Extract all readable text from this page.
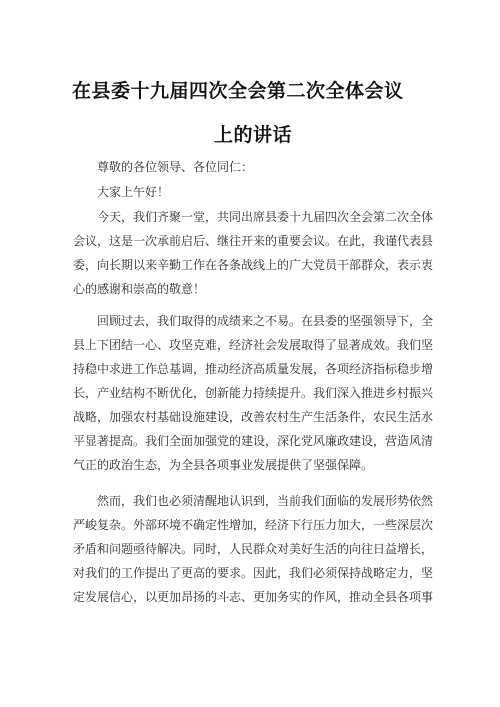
在县委十九届四次全会第二次全体会议
上的讲话

尊敬的各位领导、各位同仁：

大家上午好！

今天，我们齐聚一堂，共同出席县委十九届四次全会第二次全体会议，这是一次承前启后、继往开来的重要会议。在此，我谨代表县委，向长期以来辛勤工作在各条战线上的广大党员干部群众，表示衷心的感谢和崇高的敬意！

回顾过去，我们取得的成绩来之不易。在县委的坚强领导下，全县上下团结一心、攻坚克难，经济社会发展取得了显著成效。我们坚持稳中求进工作总基调，推动经济高质量发展，各项经济指标稳步增长，产业结构不断优化，创新能力持续提升。我们深入推进乡村振兴战略，加强农村基础设施建设，改善农村生产生活条件，农民生活水平显著提高。我们全面加强党的建设，深化党风廉政建设，营造风清气正的政治生态，为全县各项事业发展提供了坚强保障。

然而，我们也必须清醒地认识到，当前我们面临的发展形势依然严峻复杂。外部环境不确定性增加，经济下行压力加大，一些深层次矛盾和问题亟待解决。同时，人民群众对美好生活的向往日益增长，对我们的工作提出了更高的要求。因此，我们必须保持战略定力，坚定发展信心，以更加昂扬的斗志、更加务实的作风，推动全县各项事
